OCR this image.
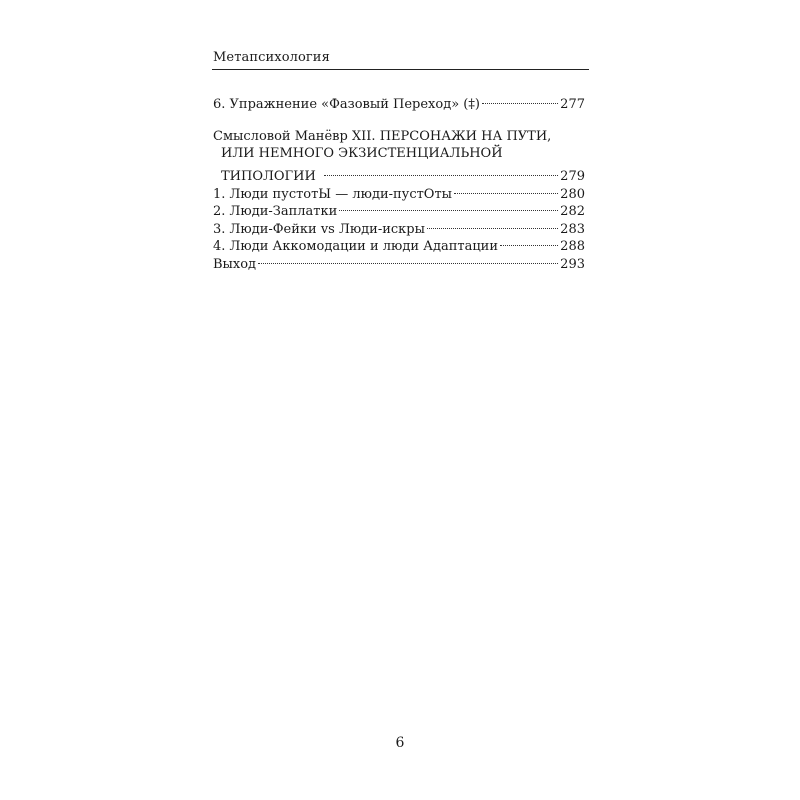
Метапсихология
6. Упражнение «Фазовый Переход» (‡)	277
Смысловой Манёвр XII. ПЕРСОНАЖИ НА ПУТИ,
ИЛИ НЕМНОГО ЭКЗИСТЕНЦИАЛЬНОЙ
ТИПОЛОГИИ	279
1. Люди пустотЫ — люди-пустОты	280
2. Люди-Заплатки	282
3. Люди-Фейки vs Люди-искры	283
4. Люди Аккомодации и люди Адаптации	288
Выход	293
6
